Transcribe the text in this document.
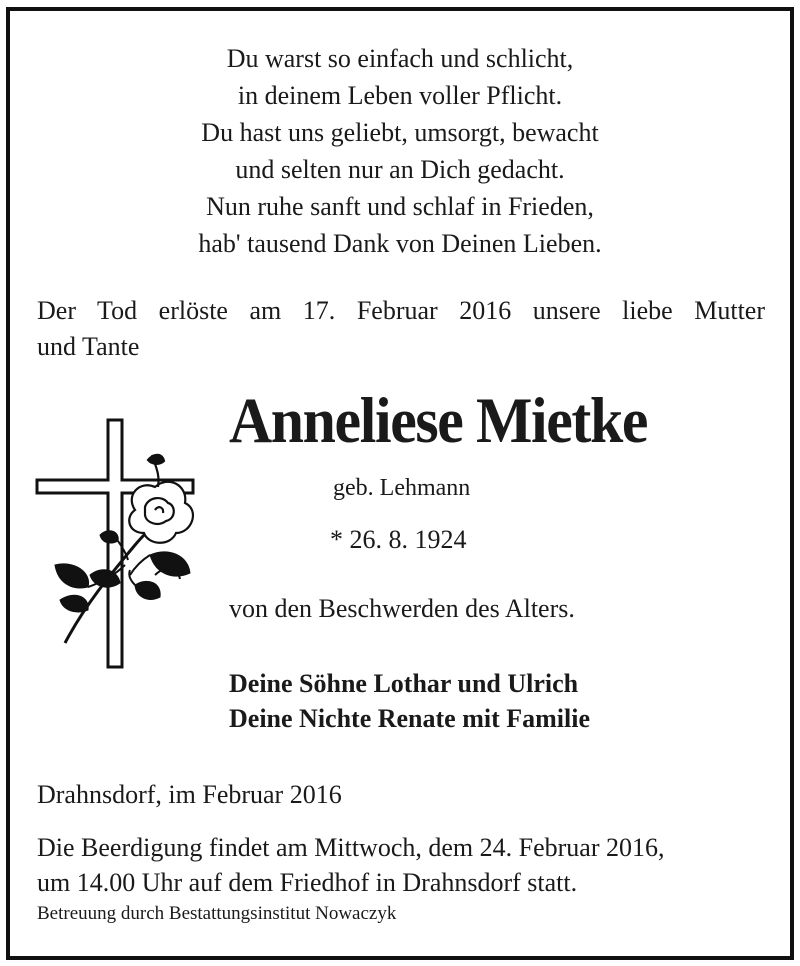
Du warst so einfach und schlicht,
in deinem Leben voller Pflicht.
Du hast uns geliebt, umsorgt, bewacht
und selten nur an Dich gedacht.
Nun ruhe sanft und schlaf in Frieden,
hab' tausend Dank von Deinen Lieben.
Der Tod erlöste am 17. Februar 2016 unsere liebe Mutter
und Tante
Anneliese Mietke
geb. Lehmann
* 26. 8. 1924
von den Beschwerden des Alters.
Deine Söhne Lothar und Ulrich
Deine Nichte Renate mit Familie
Drahnsdorf, im Februar 2016
Die Beerdigung findet am Mittwoch, dem 24. Februar 2016,
um 14.00 Uhr auf dem Friedhof in Drahnsdorf statt.
Betreuung durch Bestattungsinstitut Nowaczyk
